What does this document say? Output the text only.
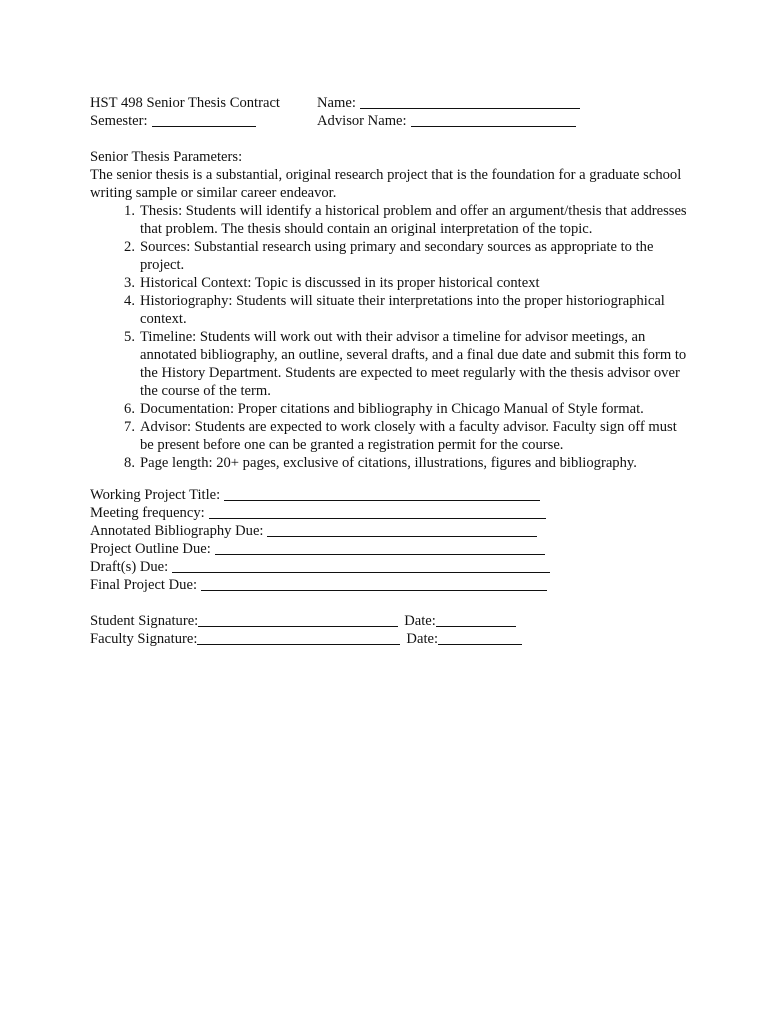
HST 498 Senior Thesis Contract	Name:
Semester:	Advisor Name:
Senior Thesis Parameters:
The senior thesis is a substantial, original research project that is the foundation for a graduate school writing sample or similar career endeavor.
1. Thesis: Students will identify a historical problem and offer an argument/thesis that addresses that problem. The thesis should contain an original interpretation of the topic.
2. Sources: Substantial research using primary and secondary sources as appropriate to the project.
3. Historical Context: Topic is discussed in its proper historical context
4. Historiography: Students will situate their interpretations into the proper historiographical context.
5. Timeline: Students will work out with their advisor a timeline for advisor meetings, an annotated bibliography, an outline, several drafts, and a final due date and submit this form to the History Department. Students are expected to meet regularly with the thesis advisor over the course of the term.
6. Documentation: Proper citations and bibliography in Chicago Manual of Style format.
7. Advisor: Students are expected to work closely with a faculty advisor. Faculty sign off must be present before one can be granted a registration permit for the course.
8. Page length: 20+ pages, exclusive of citations, illustrations, figures and bibliography.
Working Project Title:
Meeting frequency:
Annotated Bibliography Due:
Project Outline Due:
Draft(s) Due:
Final Project Due:
Student Signature:	Date:
Faculty Signature:	Date:
